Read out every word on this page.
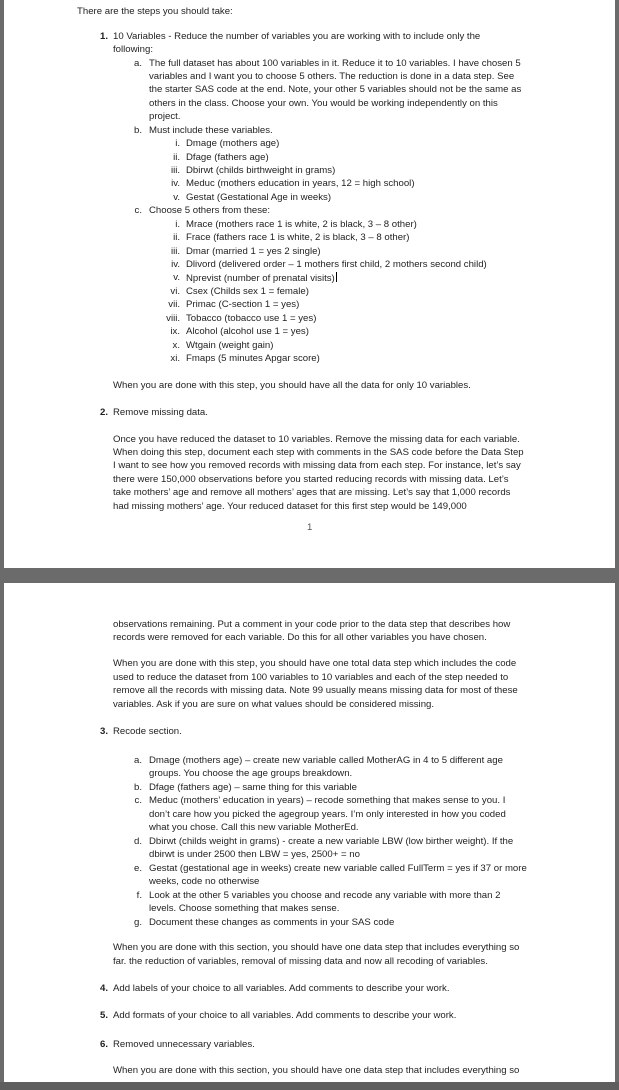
There are the steps you should take:
1. 10 Variables - Reduce the number of variables you are working with to include only the
following:
a. The full dataset has about 100 variables in it. Reduce it to 10 variables. I have chosen 5
variables and I want you to choose 5 others. The reduction is done in a data step. See
the starter SAS code at the end. Note, your other 5 variables should not be the same as
others in the class. Choose your own. You would be working independently on this
project.
b. Must include these variables.
i. Dmage (mothers age)
ii. Dfage (fathers age)
iii. Dbirwt (childs birthweight in grams)
iv. Meduc (mothers education in years, 12 = high school)
v. Gestat (Gestational Age in weeks)
c. Choose 5 others from these:
i. Mrace (mothers race 1 is white, 2 is black, 3 – 8 other)
ii. Frace (fathers race 1 is white, 2 is black, 3 – 8 other)
iii. Dmar (married 1 = yes 2 single)
iv. Dlivord (delivered order – 1 mothers first child, 2 mothers second child)
v. Nprevist (number of prenatal visits)
vi. Csex (Childs sex 1 = female)
vii. Primac (C-section 1 = yes)
viii. Tobacco (tobacco use 1 = yes)
ix. Alcohol (alcohol use 1 = yes)
x. Wtgain (weight gain)
xi. Fmaps (5 minutes Apgar score)
When you are done with this step, you should have all the data for only 10 variables.
2. Remove missing data.
Once you have reduced the dataset to 10 variables. Remove the missing data for each variable.
When doing this step, document each step with comments in the SAS code before the Data Step
I want to see how you removed records with missing data from each step. For instance, let’s say
there were 150,000 observations before you started reducing records with missing data. Let’s
take mothers’ age and remove all mothers’ ages that are missing. Let’s say that 1,000 records
had missing mothers’ age. Your reduced dataset for this first step would be 149,000
1
observations remaining. Put a comment in your code prior to the data step that describes how
records were removed for each variable. Do this for all other variables you have chosen.
When you are done with this step, you should have one total data step which includes the code
used to reduce the dataset from 100 variables to 10 variables and each of the step needed to
remove all the records with missing data. Note 99 usually means missing data for most of these
variables. Ask if you are sure on what values should be considered missing.
3. Recode section.
a. Dmage (mothers age) – create new variable called MotherAG in 4 to 5 different age
groups. You choose the age groups breakdown.
b. Dfage (fathers age) – same thing for this variable
c. Meduc (mothers’ education in years) – recode something that makes sense to you. I
don’t care how you picked the agegroup years. I’m only interested in how you coded
what you chose. Call this new variable MotherEd.
d. Dbirwt (childs weight in grams) - create a new variable LBW (low birther weight). If the
dbirwt is under 2500 then LBW = yes, 2500+ = no
e. Gestat (gestational age in weeks) create new variable called FullTerm = yes if 37 or more
weeks, code no otherwise
f. Look at the other 5 variables you choose and recode any variable with more than 2
levels. Choose something that makes sense.
g. Document these changes as comments in your SAS code
When you are done with this section, you should have one data step that includes everything so
far. the reduction of variables, removal of missing data and now all recoding of variables.
4. Add labels of your choice to all variables. Add comments to describe your work.
5. Add formats of your choice to all variables. Add comments to describe your work.
6. Removed unnecessary variables.
When you are done with this section, you should have one data step that includes everything so
